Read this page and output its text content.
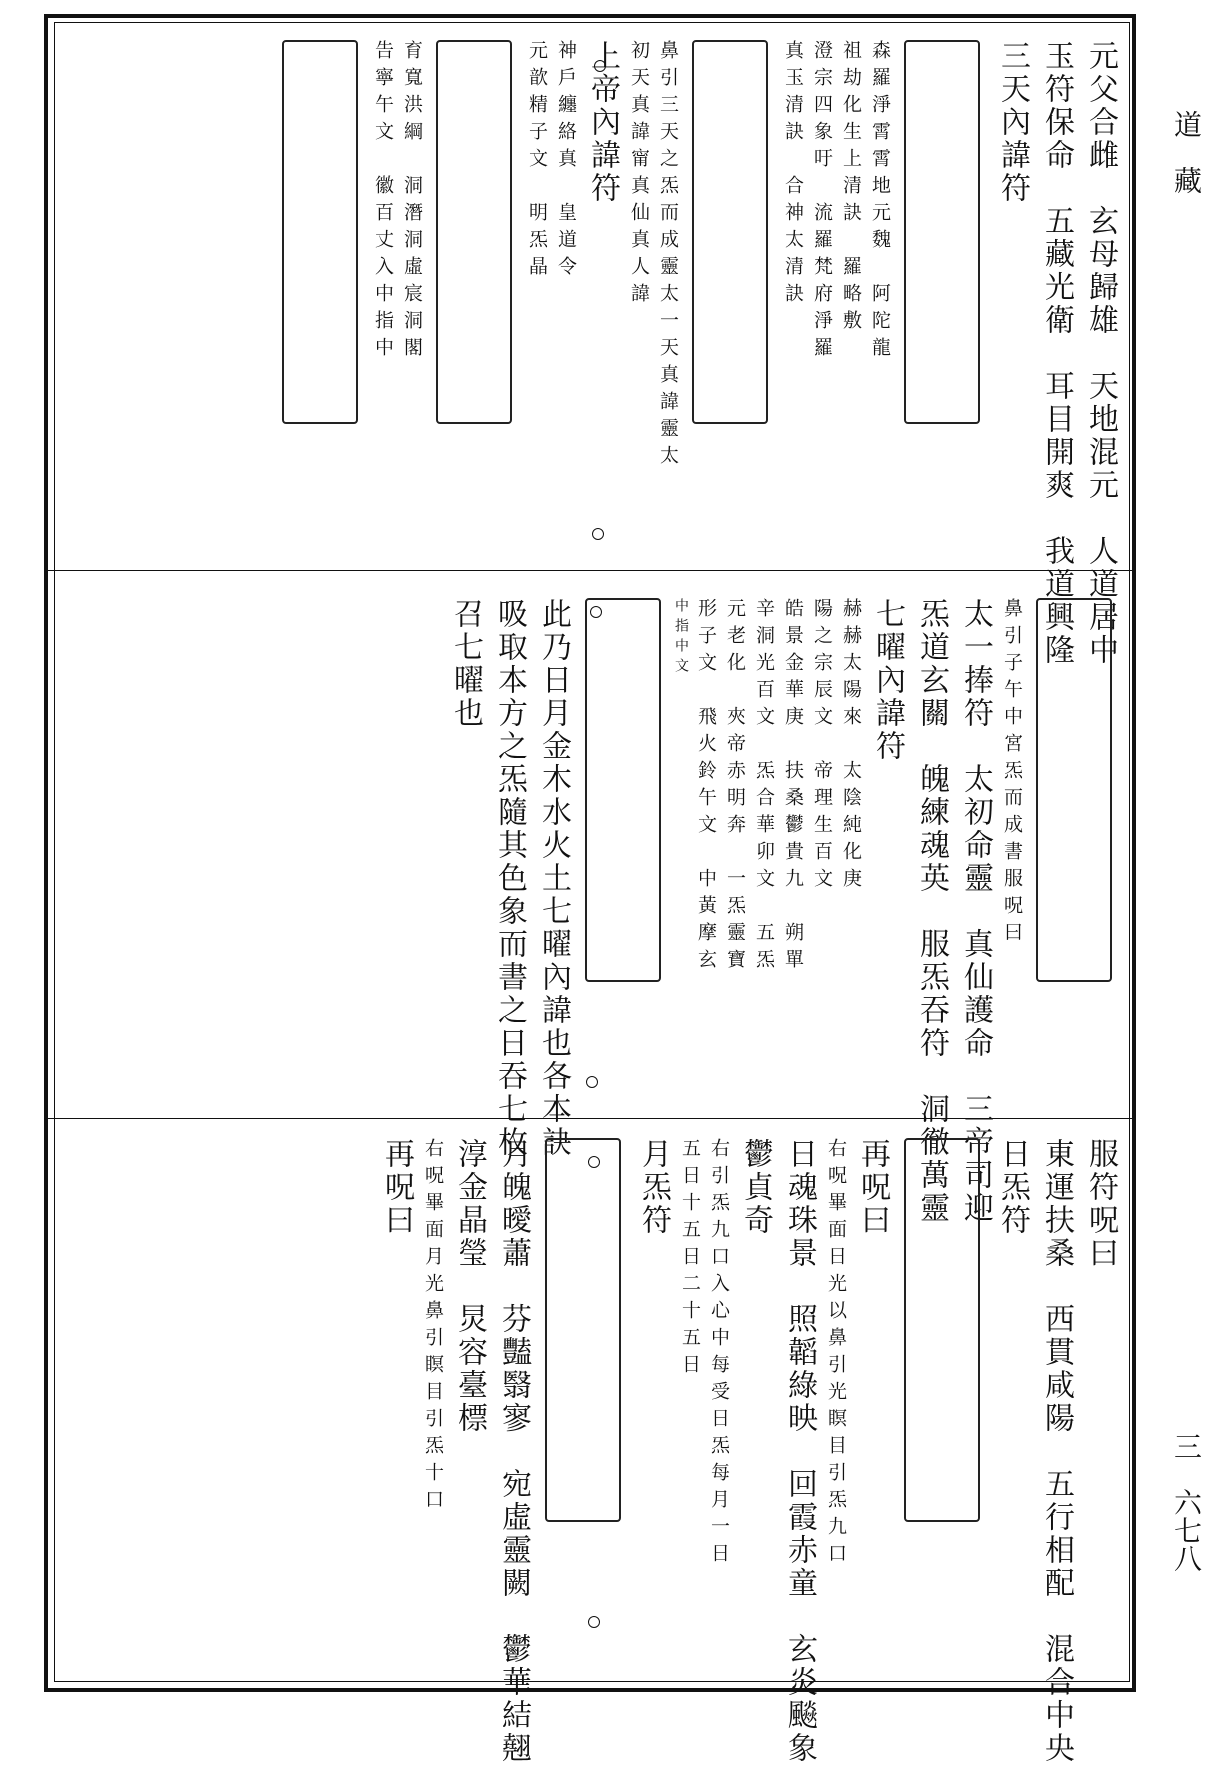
元父合雌　玄母歸雄　天地混元　人道居中
玉符保命　五藏光衛　耳目開爽　我道興隆
三天內諱符
森羅淨霄霄地元魏　阿陀龍
祖劫化生上清訣　羅略敷
澄宗四象吁　流羅梵府淨羅
真玉清訣　合神太清訣
鼻引三天之炁而成靈太一天真諱靈太
初天真諱甯真仙真人諱
上帝內諱符
神戶纏絡真　皇道令
元歆精子文　明炁晶
育寬洪綱　洞潛洞虛宸洞閣
告寧午文　徽百丈入中指中
鼻引子午中宮炁而成書服呪曰
太一捧符　太初命靈　真仙護命　三帝司迎
炁道玄關　魄練魂英　服炁吞符　洞徹萬靈
七曜內諱符
赫赫太陽來　太陰純化庚
陽之宗辰文　帝理生百文
皓景金華庚　扶桑鬱貴九　朔單
辛洞光百文　炁合華卯文　五炁
元老化　夾帝赤明奔　一炁靈寶
形子文　飛火鈴午文　中黃摩玄
中指中文
此乃日月金木水火土七曜內諱也各本訣
吸取本方之炁隨其色象而書之日吞七枚
召七曜也
服符呪曰
東運扶桑　西貫咸陽　五行相配　混合中央
日炁符
再呪曰
右呪畢面日光以鼻引光瞑目引炁九口
日魂珠景　照韜綠映　回霞赤童　玄炎飈象
鬱貞奇
右引炁九口入心中每受日炁每月一日
五日十五日二十五日
月炁符
月魄曖蕭　芬豔翳寥　宛虛靈闕　鬱華結翹
淳金晶瑩　炅容臺標
右呪畢面月光鼻引瞑目引炁十口
再呪曰
道　藏
三　六七八
